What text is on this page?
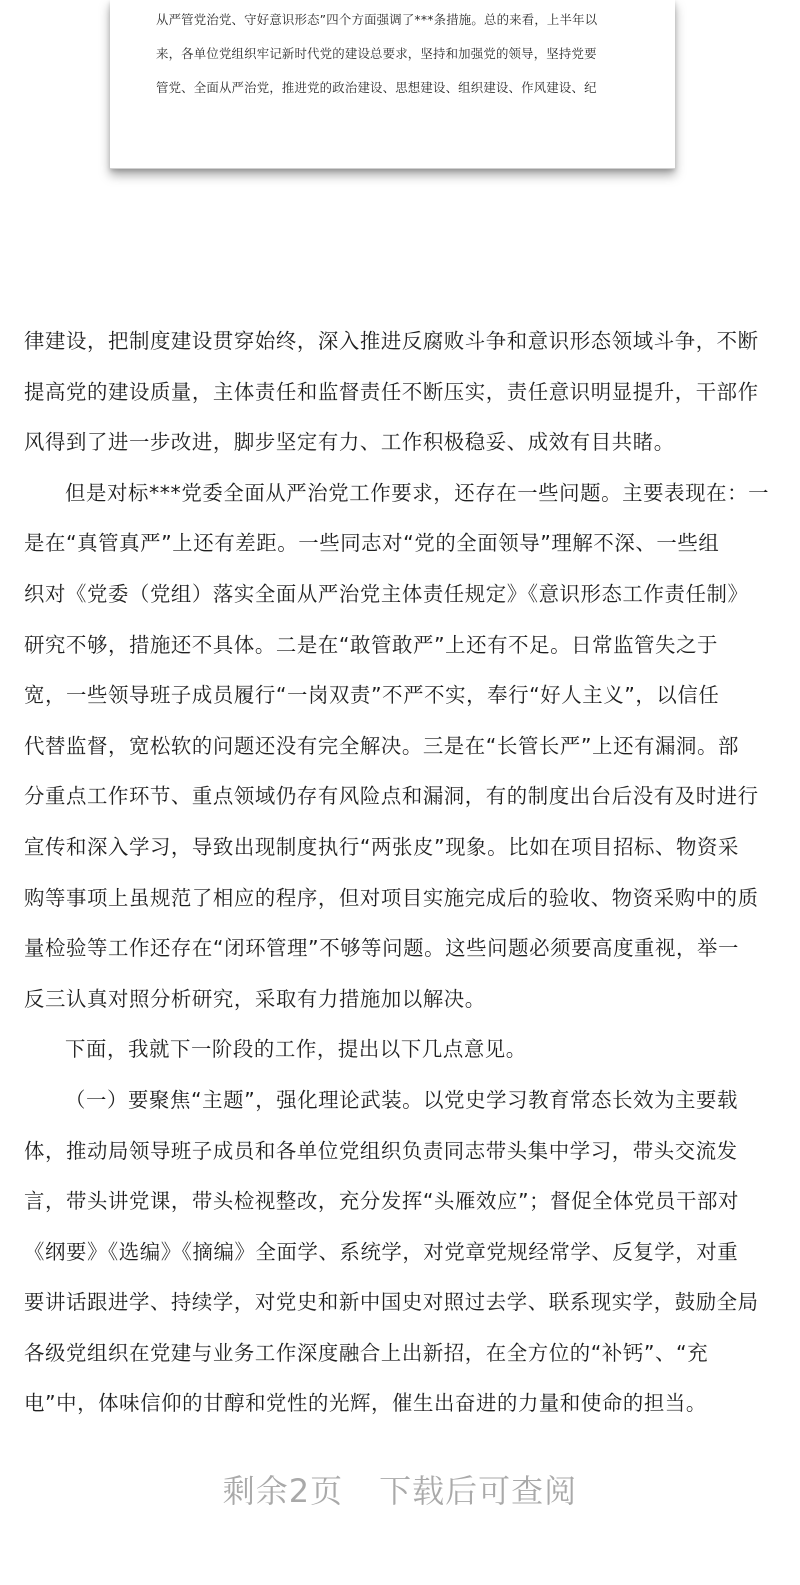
从严管党治党、守好意识形态”四个方面强调了***条措施。总的来看，上半年以
来，各单位党组织牢记新时代党的建设总要求，坚持和加强党的领导，坚持党要
管党、全面从严治党，推进党的政治建设、思想建设、组织建设、作风建设、纪

律建设，把制度建设贯穿始终，深入推进反腐败斗争和意识形态领域斗争，不断
提高党的建设质量，主体责任和监督责任不断压实，责任意识明显提升，干部作
风得到了进一步改进，脚步坚定有力、工作积极稳妥、成效有目共睹。

但是对标***党委全面从严治党工作要求，还存在一些问题。主要表现在：一
是在“真管真严”上还有差距。一些同志对“党的全面领导”理解不深、一些组
织对《党委（党组）落实全面从严治党主体责任规定》《意识形态工作责任制》
研究不够，措施还不具体。二是在“敢管敢严”上还有不足。日常监管失之于
宽，一些领导班子成员履行“一岗双责”不严不实，奉行“好人主义”，以信任
代替监督，宽松软的问题还没有完全解决。三是在“长管长严”上还有漏洞。部
分重点工作环节、重点领域仍存有风险点和漏洞，有的制度出台后没有及时进行
宣传和深入学习，导致出现制度执行“两张皮”现象。比如在项目招标、物资采
购等事项上虽规范了相应的程序，但对项目实施完成后的验收、物资采购中的质
量检验等工作还存在“闭环管理”不够等问题。这些问题必须要高度重视，举一
反三认真对照分析研究，采取有力措施加以解决。

下面，我就下一阶段的工作，提出以下几点意见。

（一）要聚焦“主题”，强化理论武装。以党史学习教育常态长效为主要载
体，推动局领导班子成员和各单位党组织负责同志带头集中学习，带头交流发
言，带头讲党课，带头检视整改，充分发挥“头雁效应”；督促全体党员干部对
《纲要》《选编》《摘编》全面学、系统学，对党章党规经常学、反复学，对重
要讲话跟进学、持续学，对党史和新中国史对照过去学、联系现实学，鼓励全局
各级党组织在党建与业务工作深度融合上出新招，在全方位的“补钙”、“充
电”中，体味信仰的甘醇和党性的光辉，催生出奋进的力量和使命的担当。

剩余2页 下载后可查阅
